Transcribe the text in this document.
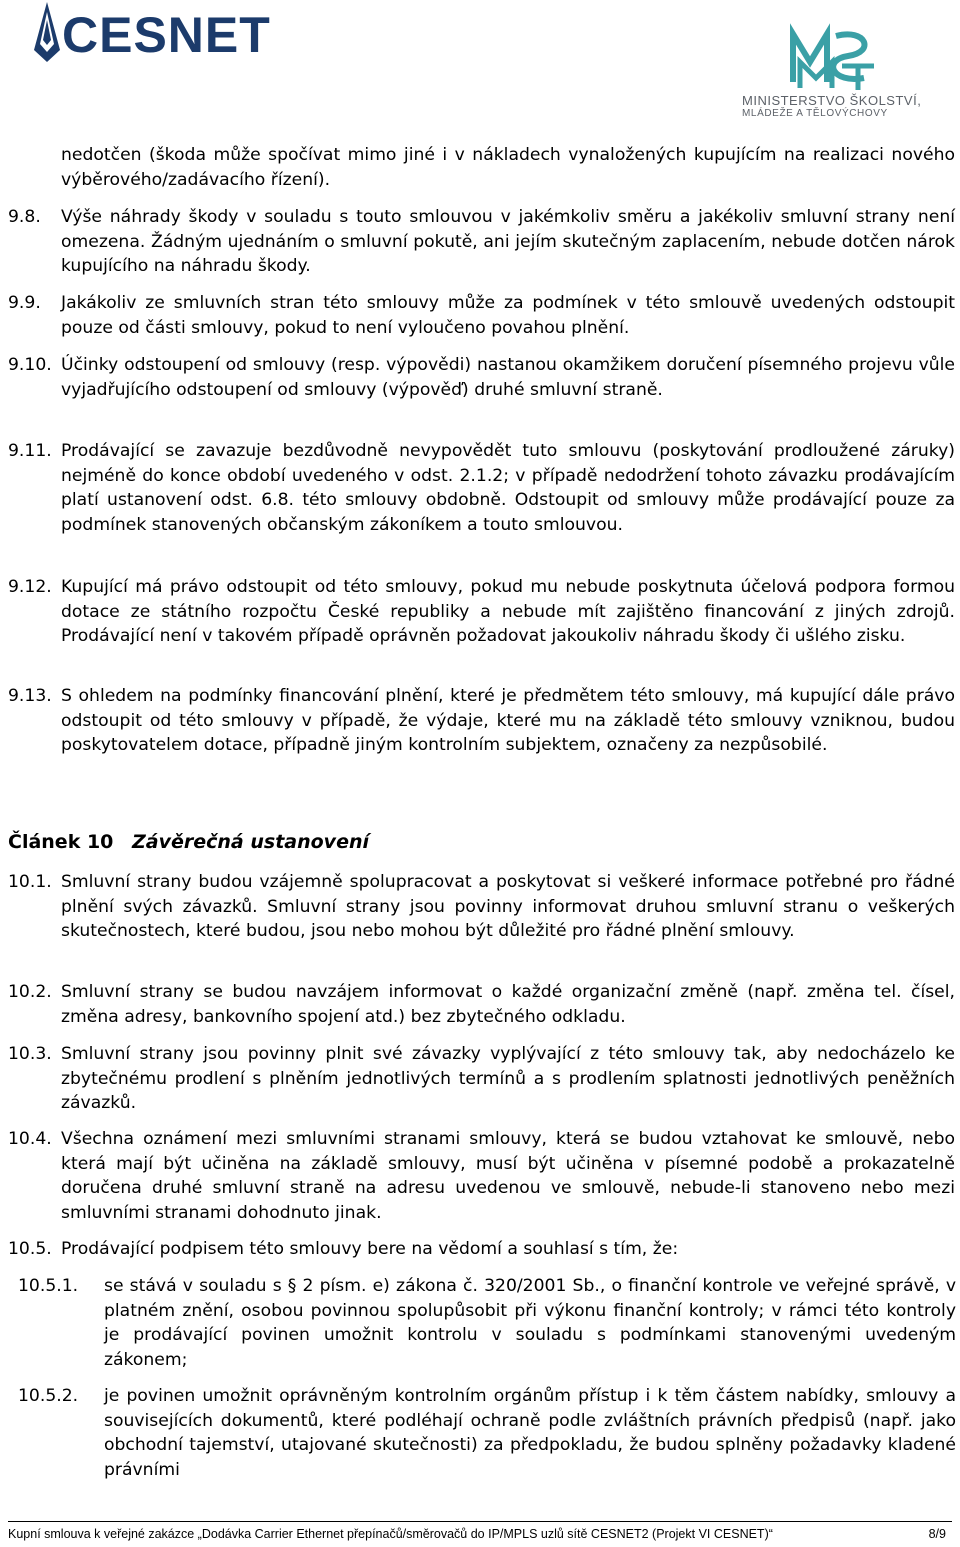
CESNET
MINISTERSTVO ŠKOLSTVÍ,
MLÁDEŽE A TĚLOVÝCHOVY
nedotčen (škoda může spočívat mimo jiné i v nákladech vynaložených kupujícím na realizaci nového výběrového/zadávacího řízení).
9.8. Výše náhrady škody v souladu s touto smlouvou v jakémkoliv směru a jakékoliv smluvní strany není omezena. Žádným ujednáním o smluvní pokutě, ani jejím skutečným zaplacením, nebude dotčen nárok kupujícího na náhradu škody.
9.9. Jakákoliv ze smluvních stran této smlouvy může za podmínek v této smlouvě uvedených odstoupit pouze od části smlouvy, pokud to není vyloučeno povahou plnění.
9.10. Účinky odstoupení od smlouvy (resp. výpovědi) nastanou okamžikem doručení písemného projevu vůle vyjadřujícího odstoupení od smlouvy (výpověď) druhé smluvní straně.
9.11. Prodávající se zavazuje bezdůvodně nevypovědět tuto smlouvu (poskytování prodloužené záruky) nejméně do konce období uvedeného v odst. 2.1.2; v případě nedodržení tohoto závazku prodávajícím platí ustanovení odst. 6.8. této smlouvy obdobně. Odstoupit od smlouvy může prodávající pouze za podmínek stanovených občanským zákoníkem a touto smlouvou.
9.12. Kupující má právo odstoupit od této smlouvy, pokud mu nebude poskytnuta účelová podpora formou dotace ze státního rozpočtu České republiky a nebude mít zajištěno financování z jiných zdrojů. Prodávající není v takovém případě oprávněn požadovat jakoukoliv náhradu škody či ušlého zisku.
9.13. S ohledem na podmínky financování plnění, které je předmětem této smlouvy, má kupující dále právo odstoupit od této smlouvy v případě, že výdaje, které mu na základě této smlouvy vzniknou, budou poskytovatelem dotace, případně jiným kontrolním subjektem, označeny za nezpůsobilé.
Článek 10 Závěrečná ustanovení
10.1. Smluvní strany budou vzájemně spolupracovat a poskytovat si veškeré informace potřebné pro řádné plnění svých závazků. Smluvní strany jsou povinny informovat druhou smluvní stranu o veškerých skutečnostech, které budou, jsou nebo mohou být důležité pro řádné plnění smlouvy.
10.2. Smluvní strany se budou navzájem informovat o každé organizační změně (např. změna tel. čísel, změna adresy, bankovního spojení atd.) bez zbytečného odkladu.
10.3. Smluvní strany jsou povinny plnit své závazky vyplývající z této smlouvy tak, aby nedocházelo ke zbytečnému prodlení s plněním jednotlivých termínů a s prodlením splatnosti jednotlivých peněžních závazků.
10.4. Všechna oznámení mezi smluvními stranami smlouvy, která se budou vztahovat ke smlouvě, nebo která mají být učiněna na základě smlouvy, musí být učiněna v písemné podobě a prokazatelně doručena druhé smluvní straně na adresu uvedenou ve smlouvě, nebude-li stanoveno nebo mezi smluvními stranami dohodnuto jinak.
10.5. Prodávající podpisem této smlouvy bere na vědomí a souhlasí s tím, že:
10.5.1. se stává v souladu s § 2 písm. e) zákona č. 320/2001 Sb., o finanční kontrole ve veřejné správě, v platném znění, osobou povinnou spolupůsobit při výkonu finanční kontroly; v rámci této kontroly je prodávající povinen umožnit kontrolu v souladu s podmínkami stanovenými uvedeným zákonem;
10.5.2. je povinen umožnit oprávněným kontrolním orgánům přístup i k těm částem nabídky, smlouvy a souvisejících dokumentů, které podléhají ochraně podle zvláštních právních předpisů (např. jako obchodní tajemství, utajované skutečnosti) za předpokladu, že budou splněny požadavky kladené právními
Kupní smlouva k veřejné zakázce „Dodávka Carrier Ethernet přepínačů/směrovačů do IP/MPLS uzlů sítě CESNET2 (Projekt VI CESNET)“	8/9
